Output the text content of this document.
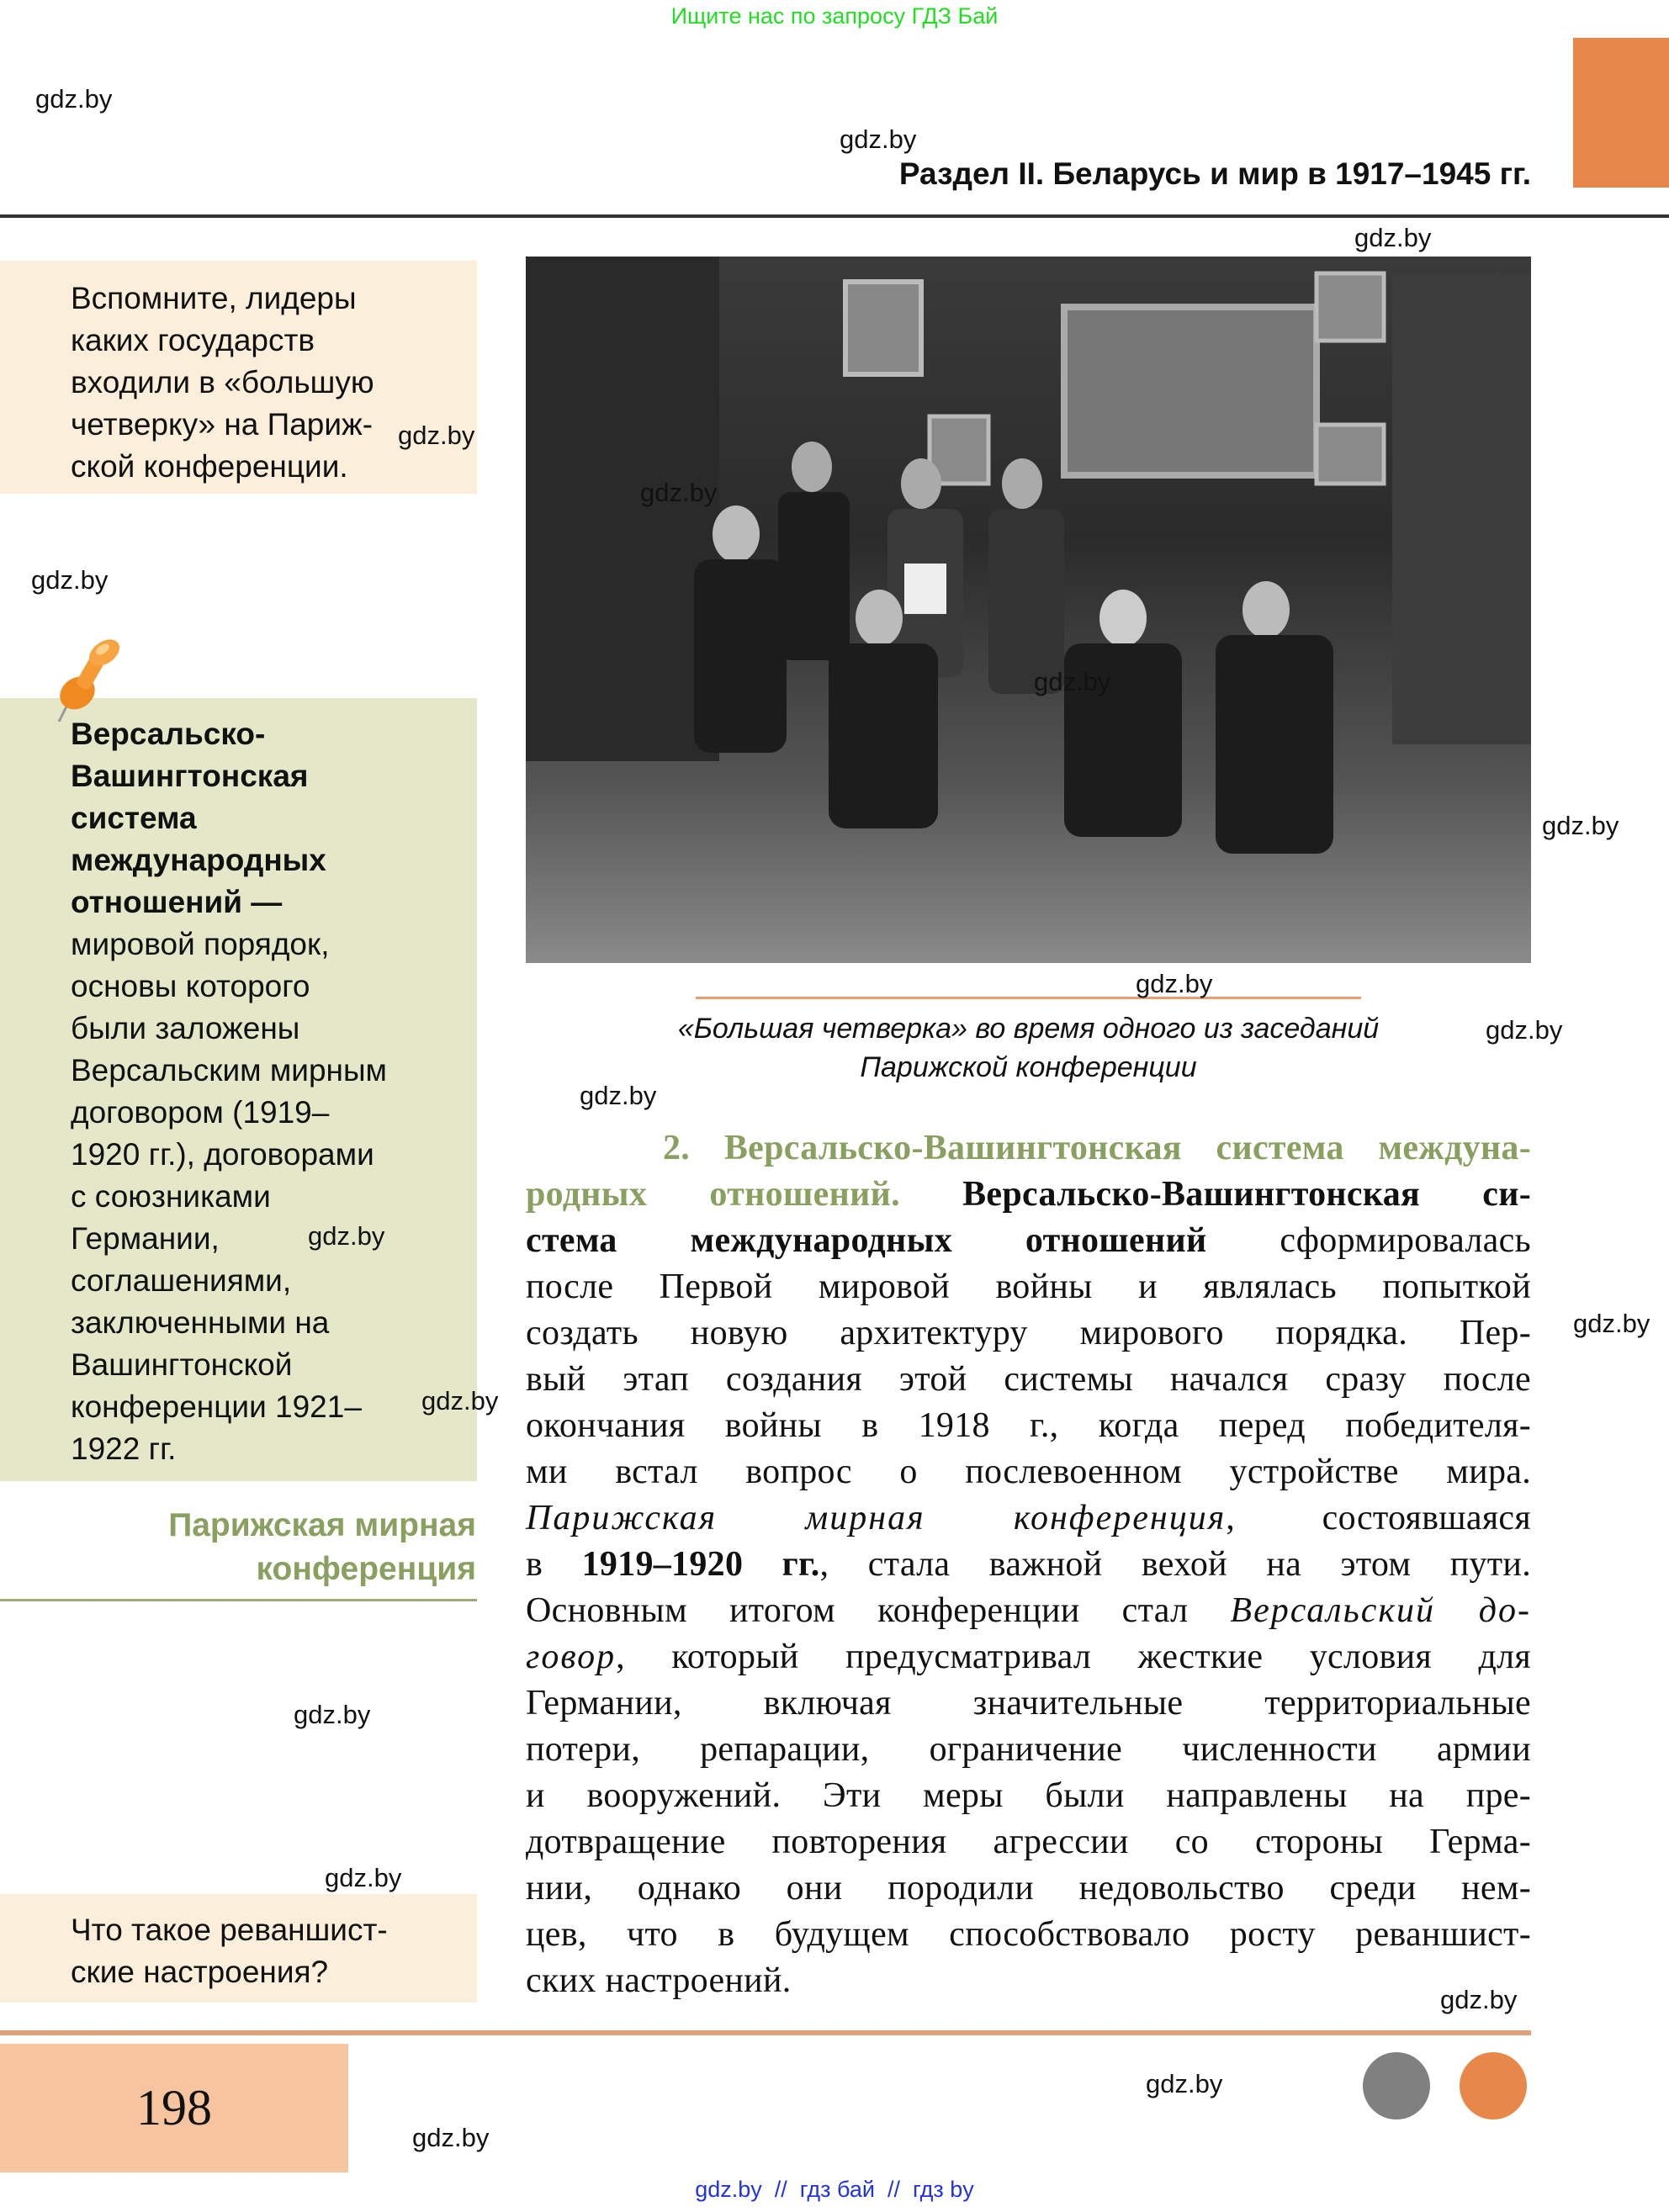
Ищите нас по запросу ГДЗ Бай
Раздел II. Беларусь и мир в 1917–1945 гг.
Вспомните, лидеры
каких государств
входили в «большую
четверку» на Париж-
ской конференции.
Версальско-
Вашингтонская
система
международных
отношений —
мировой порядок,
основы которого
были заложены
Версальским мирным
договором (1919–
1920 гг.), договорами
с союзниками
Германии,
соглашениями,
заключенными на
Вашингтонской
конференции 1921–
1922 гг.
Парижская мирная
конференция
Что такое реваншист-
ские настроения?
«Большая четверка» во время одного из заседаний
Парижской конференции
2. Версальско-Вашингтонская система междуна-
родных отношений. Версальско-Вашингтонская си-
стема международных отношений сформировалась
после Первой мировой войны и являлась попыткой
создать новую архитектуру мирового порядка. Пер-
вый этап создания этой системы начался сразу после
окончания войны в 1918 г., когда перед победителя-
ми встал вопрос о послевоенном устройстве мира.
Парижская мирная конференция, состоявшаяся
в 1919–1920 гг., стала важной вехой на этом пути.
Основным итогом конференции стал Версальский до-
говор, который предусматривал жесткие условия для
Германии, включая значительные территориальные
потери, репарации, ограничение численности армии
и вооружений. Эти меры были направлены на пре-
дотвращение повторения агрессии со стороны Герма-
нии, однако они породили недовольство среди нем-
цев, что в будущем способствовало росту реваншист-
ских настроений.
198
gdz.by  //  гдз бай  //  гдз by
gdz.by
gdz.by
gdz.by
gdz.by
gdz.by
gdz.by
gdz.by
gdz.by
gdz.by
gdz.by
gdz.by
gdz.by
gdz.by
gdz.by
gdz.by
gdz.by
gdz.by
gdz.by
gdz.by
